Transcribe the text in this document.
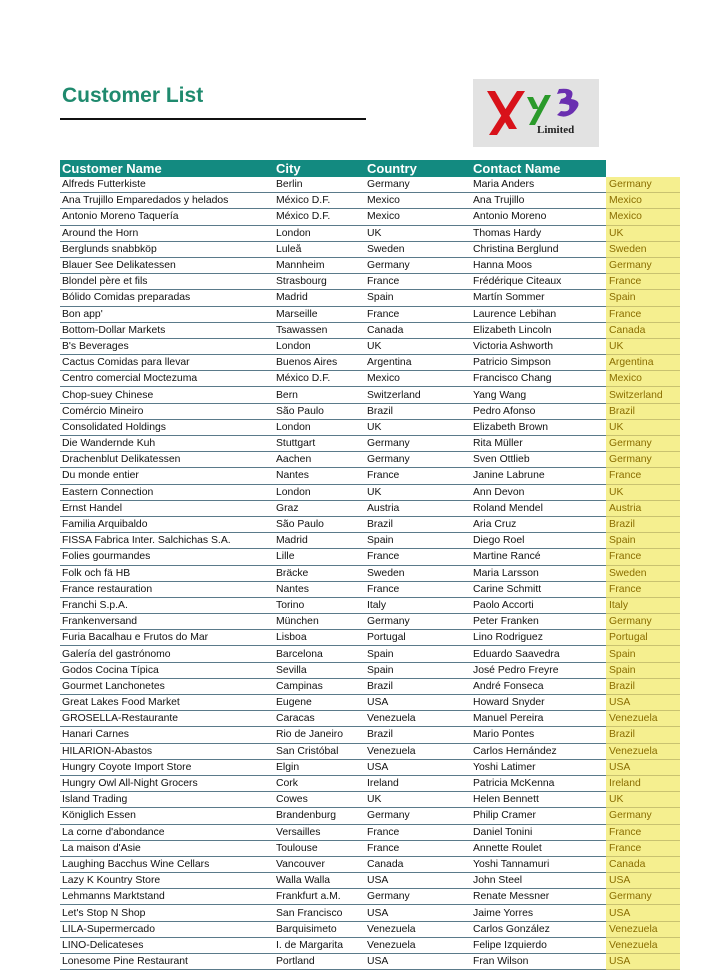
Customer List
Limited
Customer Name	City	Country	Contact Name
Alfreds Futterkiste	Berlin	Germany	Maria Anders	Germany
Ana Trujillo Emparedados y helados	México D.F.	Mexico	Ana Trujillo	Mexico
Antonio Moreno Taquería	México D.F.	Mexico	Antonio Moreno	Mexico
Around the Horn	London	UK	Thomas Hardy	UK
Berglunds snabbköp	Luleå	Sweden	Christina Berglund	Sweden
Blauer See Delikatessen	Mannheim	Germany	Hanna Moos	Germany
Blondel père et fils	Strasbourg	France	Frédérique Citeaux	France
Bólido Comidas preparadas	Madrid	Spain	Martín Sommer	Spain
Bon app'	Marseille	France	Laurence Lebihan	France
Bottom-Dollar Markets	Tsawassen	Canada	Elizabeth Lincoln	Canada
B's Beverages	London	UK	Victoria Ashworth	UK
Cactus Comidas para llevar	Buenos Aires	Argentina	Patricio Simpson	Argentina
Centro comercial Moctezuma	México D.F.	Mexico	Francisco Chang	Mexico
Chop-suey Chinese	Bern	Switzerland	Yang Wang	Switzerland
Comércio Mineiro	São Paulo	Brazil	Pedro Afonso	Brazil
Consolidated Holdings	London	UK	Elizabeth Brown	UK
Die Wandernde Kuh	Stuttgart	Germany	Rita Müller	Germany
Drachenblut Delikatessen	Aachen	Germany	Sven Ottlieb	Germany
Du monde entier	Nantes	France	Janine Labrune	France
Eastern Connection	London	UK	Ann Devon	UK
Ernst Handel	Graz	Austria	Roland Mendel	Austria
Familia Arquibaldo	São Paulo	Brazil	Aria Cruz	Brazil
FISSA Fabrica Inter. Salchichas S.A.	Madrid	Spain	Diego Roel	Spain
Folies gourmandes	Lille	France	Martine Rancé	France
Folk och fä HB	Bräcke	Sweden	Maria Larsson	Sweden
France restauration	Nantes	France	Carine Schmitt	France
Franchi S.p.A.	Torino	Italy	Paolo Accorti	Italy
Frankenversand	München	Germany	Peter Franken	Germany
Furia Bacalhau e Frutos do Mar	Lisboa	Portugal	Lino Rodriguez	Portugal
Galería del gastrónomo	Barcelona	Spain	Eduardo Saavedra	Spain
Godos Cocina Típica	Sevilla	Spain	José Pedro Freyre	Spain
Gourmet Lanchonetes	Campinas	Brazil	André Fonseca	Brazil
Great Lakes Food Market	Eugene	USA	Howard Snyder	USA
GROSELLA-Restaurante	Caracas	Venezuela	Manuel Pereira	Venezuela
Hanari Carnes	Rio de Janeiro	Brazil	Mario Pontes	Brazil
HILARIÓN-Abastos	San Cristóbal	Venezuela	Carlos Hernández	Venezuela
Hungry Coyote Import Store	Elgin	USA	Yoshi Latimer	USA
Hungry Owl All-Night Grocers	Cork	Ireland	Patricia McKenna	Ireland
Island Trading	Cowes	UK	Helen Bennett	UK
Königlich Essen	Brandenburg	Germany	Philip Cramer	Germany
La corne d'abondance	Versailles	France	Daniel Tonini	France
La maison d'Asie	Toulouse	France	Annette Roulet	France
Laughing Bacchus Wine Cellars	Vancouver	Canada	Yoshi Tannamuri	Canada
Lazy K Kountry Store	Walla Walla	USA	John Steel	USA
Lehmanns Marktstand	Frankfurt a.M.	Germany	Renate Messner	Germany
Let's Stop N Shop	San Francisco	USA	Jaime Yorres	USA
LILA-Supermercado	Barquisimeto	Venezuela	Carlos González	Venezuela
LINO-Delicateses	I. de Margarita	Venezuela	Felipe Izquierdo	Venezuela
Lonesome Pine Restaurant	Portland	USA	Fran Wilson	USA
